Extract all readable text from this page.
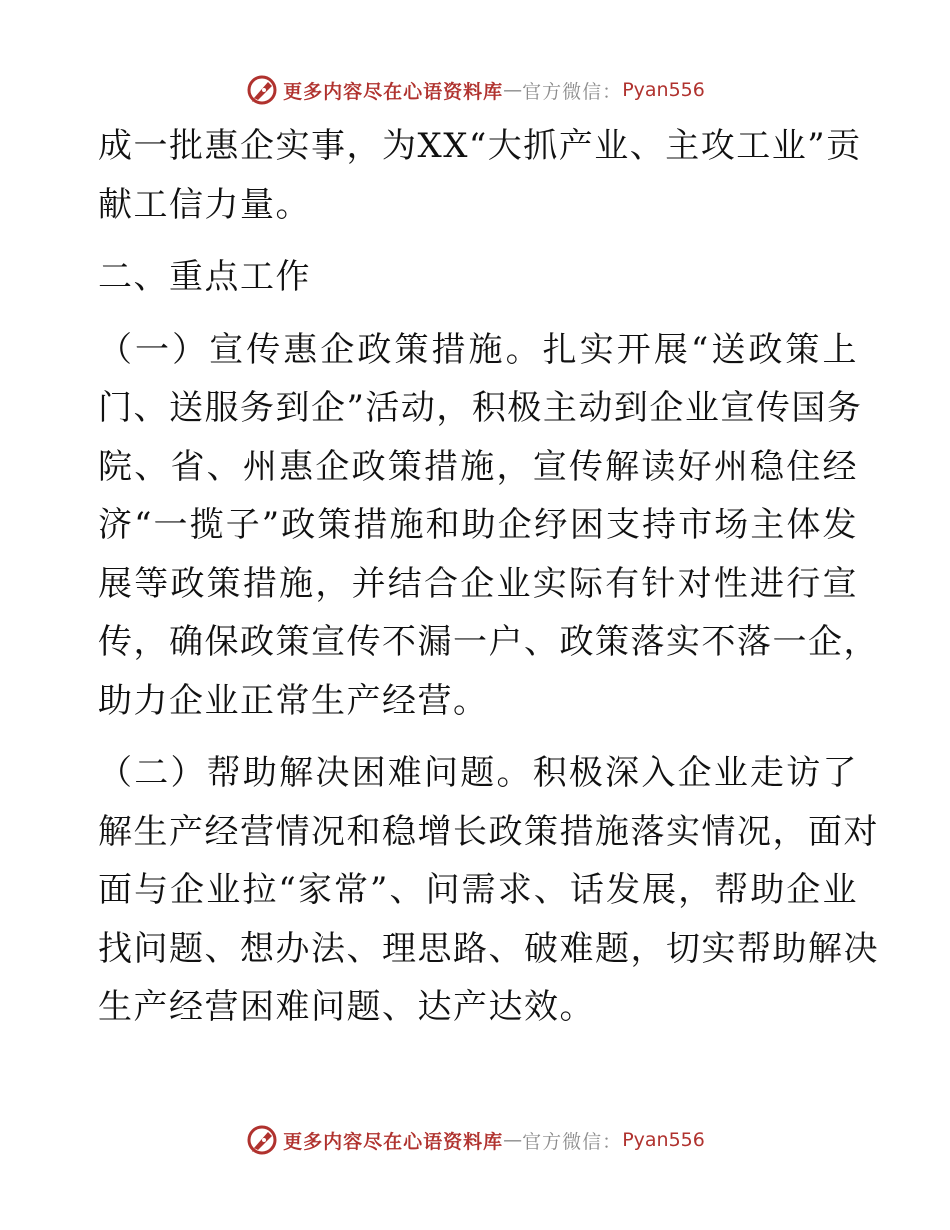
更多内容尽在心语资料库 — 官方微信： Pyan556
成一批惠企实事，为XX“大抓产业、主攻工业”贡
献工信力量。
二、重点工作
（一）宣传惠企政策措施。扎实开展“送政策上
门、送服务到企”活动，积极主动到企业宣传国务
院、省、州惠企政策措施，宣传解读好州稳住经
济“一揽子”政策措施和助企纾困支持市场主体发
展等政策措施，并结合企业实际有针对性进行宣
传，确保政策宣传不漏一户、政策落实不落一企，
助力企业正常生产经营。
（二）帮助解决困难问题。积极深入企业走访了
解生产经营情况和稳增长政策措施落实情况，面对
面与企业拉“家常”、问需求、话发展，帮助企业
找问题、想办法、理思路、破难题，切实帮助解决
生产经营困难问题、达产达效。
更多内容尽在心语资料库 — 官方微信： Pyan556
